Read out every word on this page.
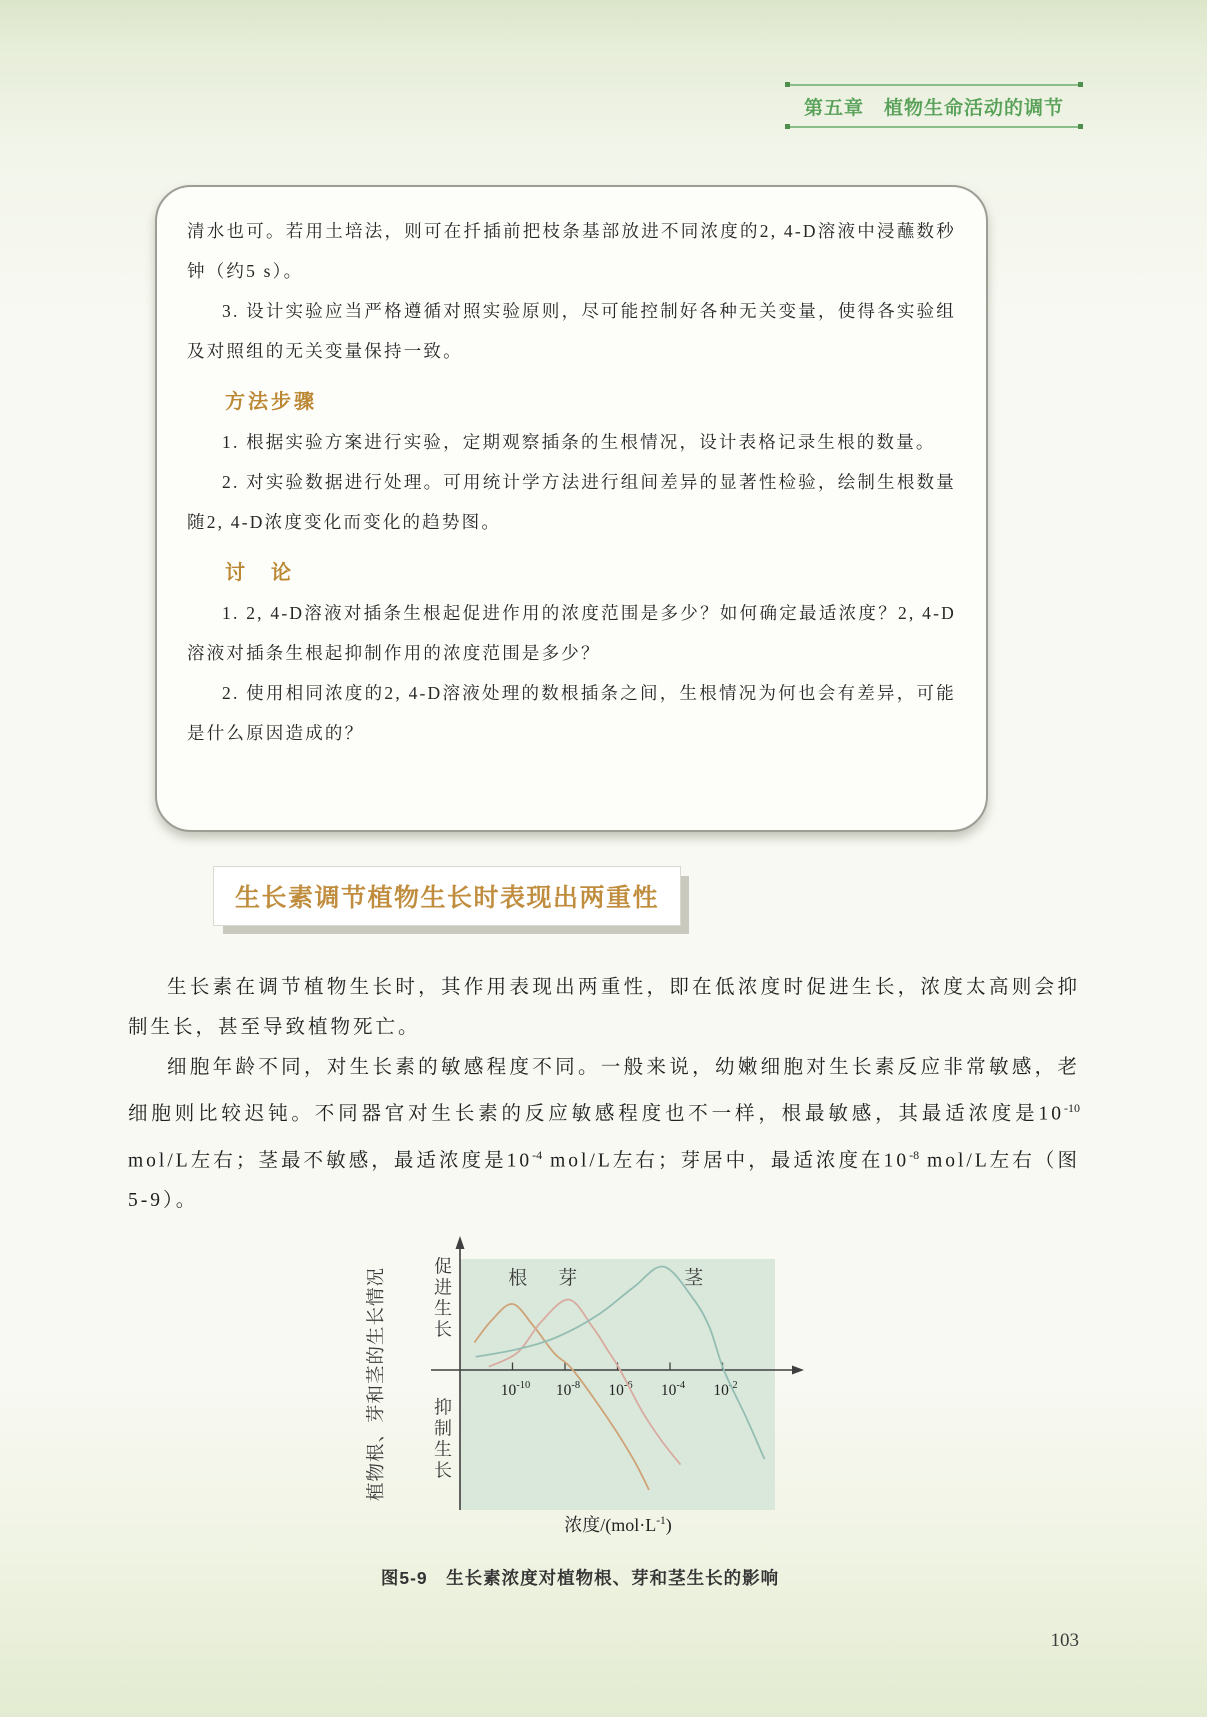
第五章　植物生命活动的调节

清水也可。若用土培法，则可在扦插前把枝条基部放进不同浓度的2, 4-D溶液中浸蘸数秒钟（约5 s）。

3. 设计实验应当严格遵循对照实验原则，尽可能控制好各种无关变量，使得各实验组及对照组的无关变量保持一致。

方法步骤

1. 根据实验方案进行实验，定期观察插条的生根情况，设计表格记录生根的数量。

2. 对实验数据进行处理。可用统计学方法进行组间差异的显著性检验，绘制生根数量随2, 4-D浓度变化而变化的趋势图。

讨　论

1. 2, 4-D溶液对插条生根起促进作用的浓度范围是多少？如何确定最适浓度？2, 4-D溶液对插条生根起抑制作用的浓度范围是多少？

2. 使用相同浓度的2, 4-D溶液处理的数根插条之间，生根情况为何也会有差异，可能是什么原因造成的？

生长素调节植物生长时表现出两重性

生长素在调节植物生长时，其作用表现出两重性，即在低浓度时促进生长，浓度太高则会抑制生长，甚至导致植物死亡。

细胞年龄不同，对生长素的敏感程度不同。一般来说，幼嫩细胞对生长素反应非常敏感，老细胞则比较迟钝。不同器官对生长素的反应敏感程度也不一样，根最敏感，其最适浓度是$10^{-10}$ mol/L左右；茎最不敏感，最适浓度是$10^{-4}$ mol/L左右；芽居中，最适浓度在$10^{-8}$ mol/L左右（图5-9）。

$10^{-10}$ $10^{-8}$ $10^{-6}$ $10^{-4}$ $10^{-2}$
根 芽	茎
促进生长
抑制生长
植物根、芽和茎的生长情况
浓度$/(mol\cdot L^{-1})$
图5-9　生长素浓度对植物根、芽和茎生长的影响
103
